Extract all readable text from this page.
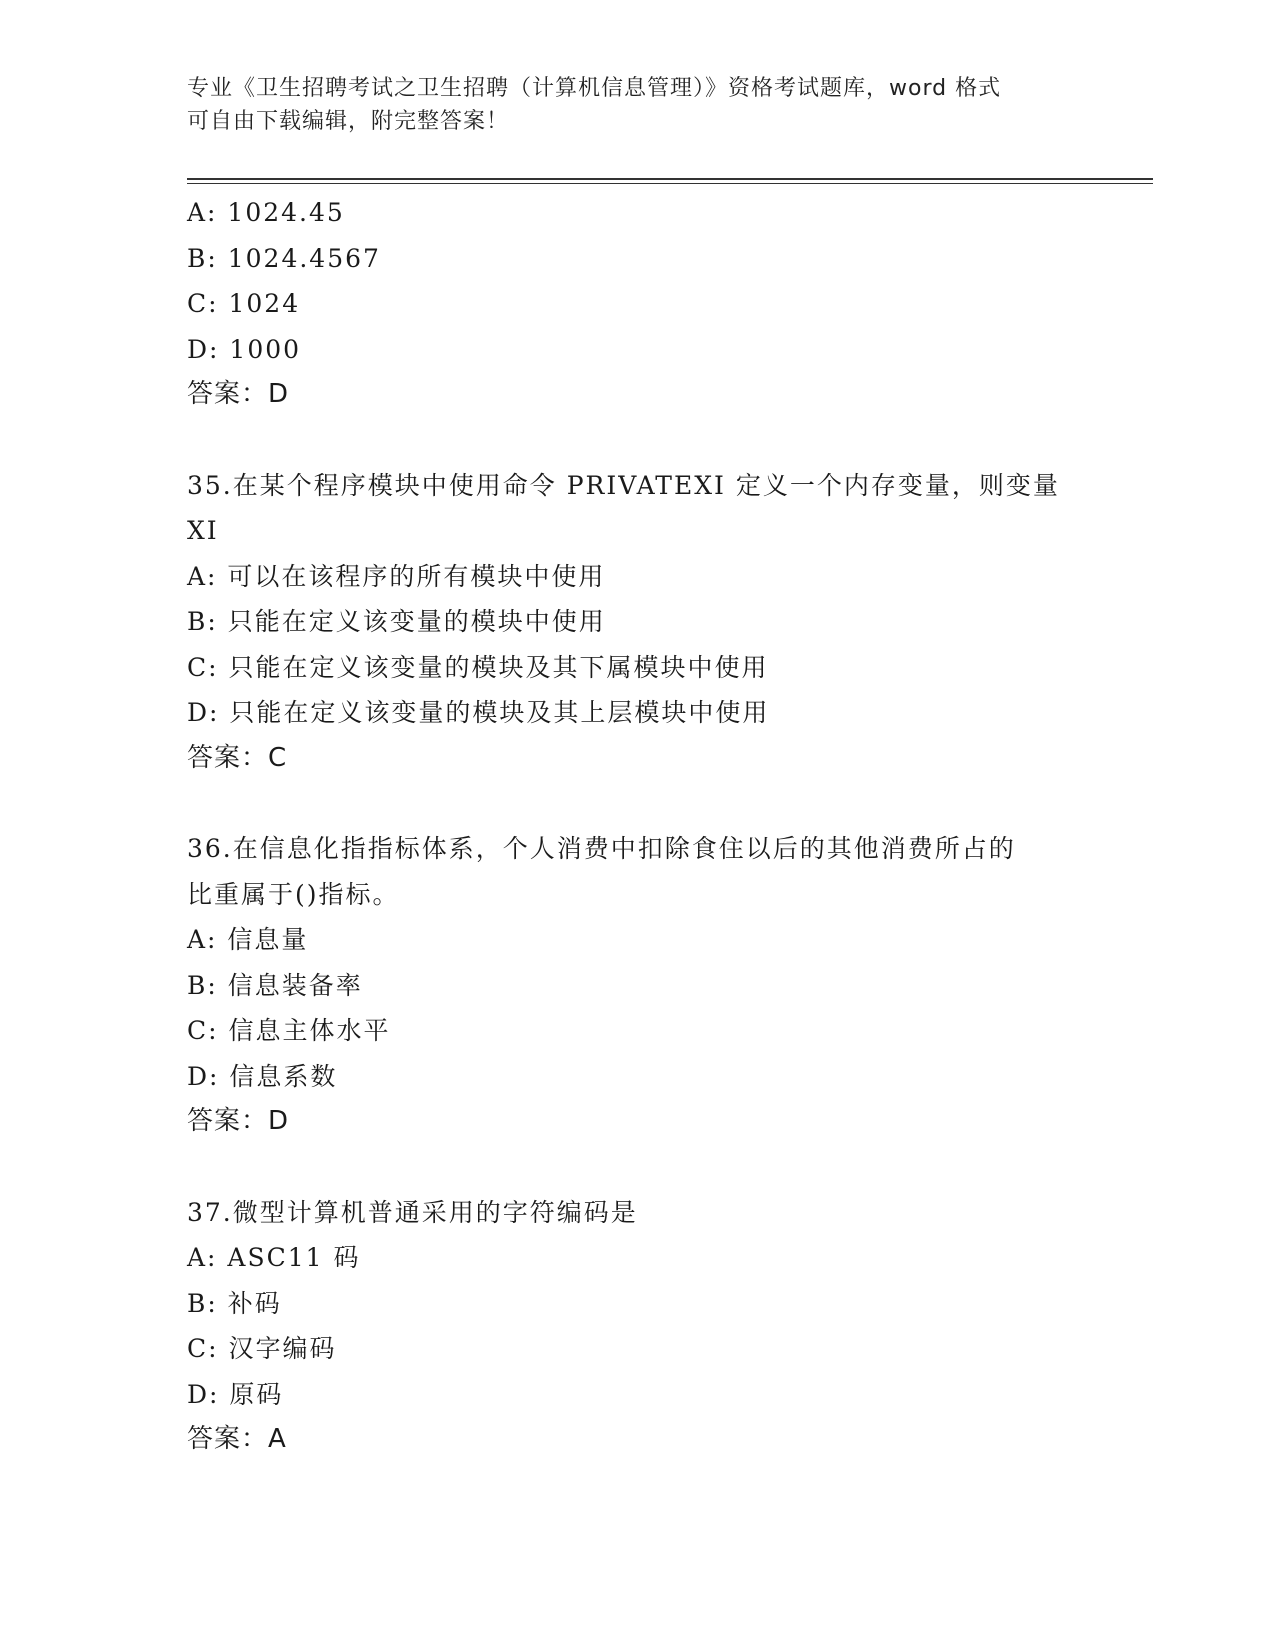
专业《卫生招聘考试之卫生招聘（计算机信息管理）》资格考试题库，word 格式
可自由下载编辑，附完整答案！
A: 1024.45
B: 1024.4567
C: 1024
D: 1000
答案：D
35.在某个程序模块中使用命令 PRIVATEXI 定义一个内存变量，则变量
XI
A: 可以在该程序的所有模块中使用
B: 只能在定义该变量的模块中使用
C: 只能在定义该变量的模块及其下属模块中使用
D: 只能在定义该变量的模块及其上层模块中使用
答案：C
36.在信息化指指标体系，个人消费中扣除食住以后的其他消费所占的
比重属于()指标。
A: 信息量
B: 信息装备率
C: 信息主体水平
D: 信息系数
答案：D
37.微型计算机普通采用的字符编码是
A: ASC11 码
B: 补码
C: 汉字编码
D: 原码
答案：A
